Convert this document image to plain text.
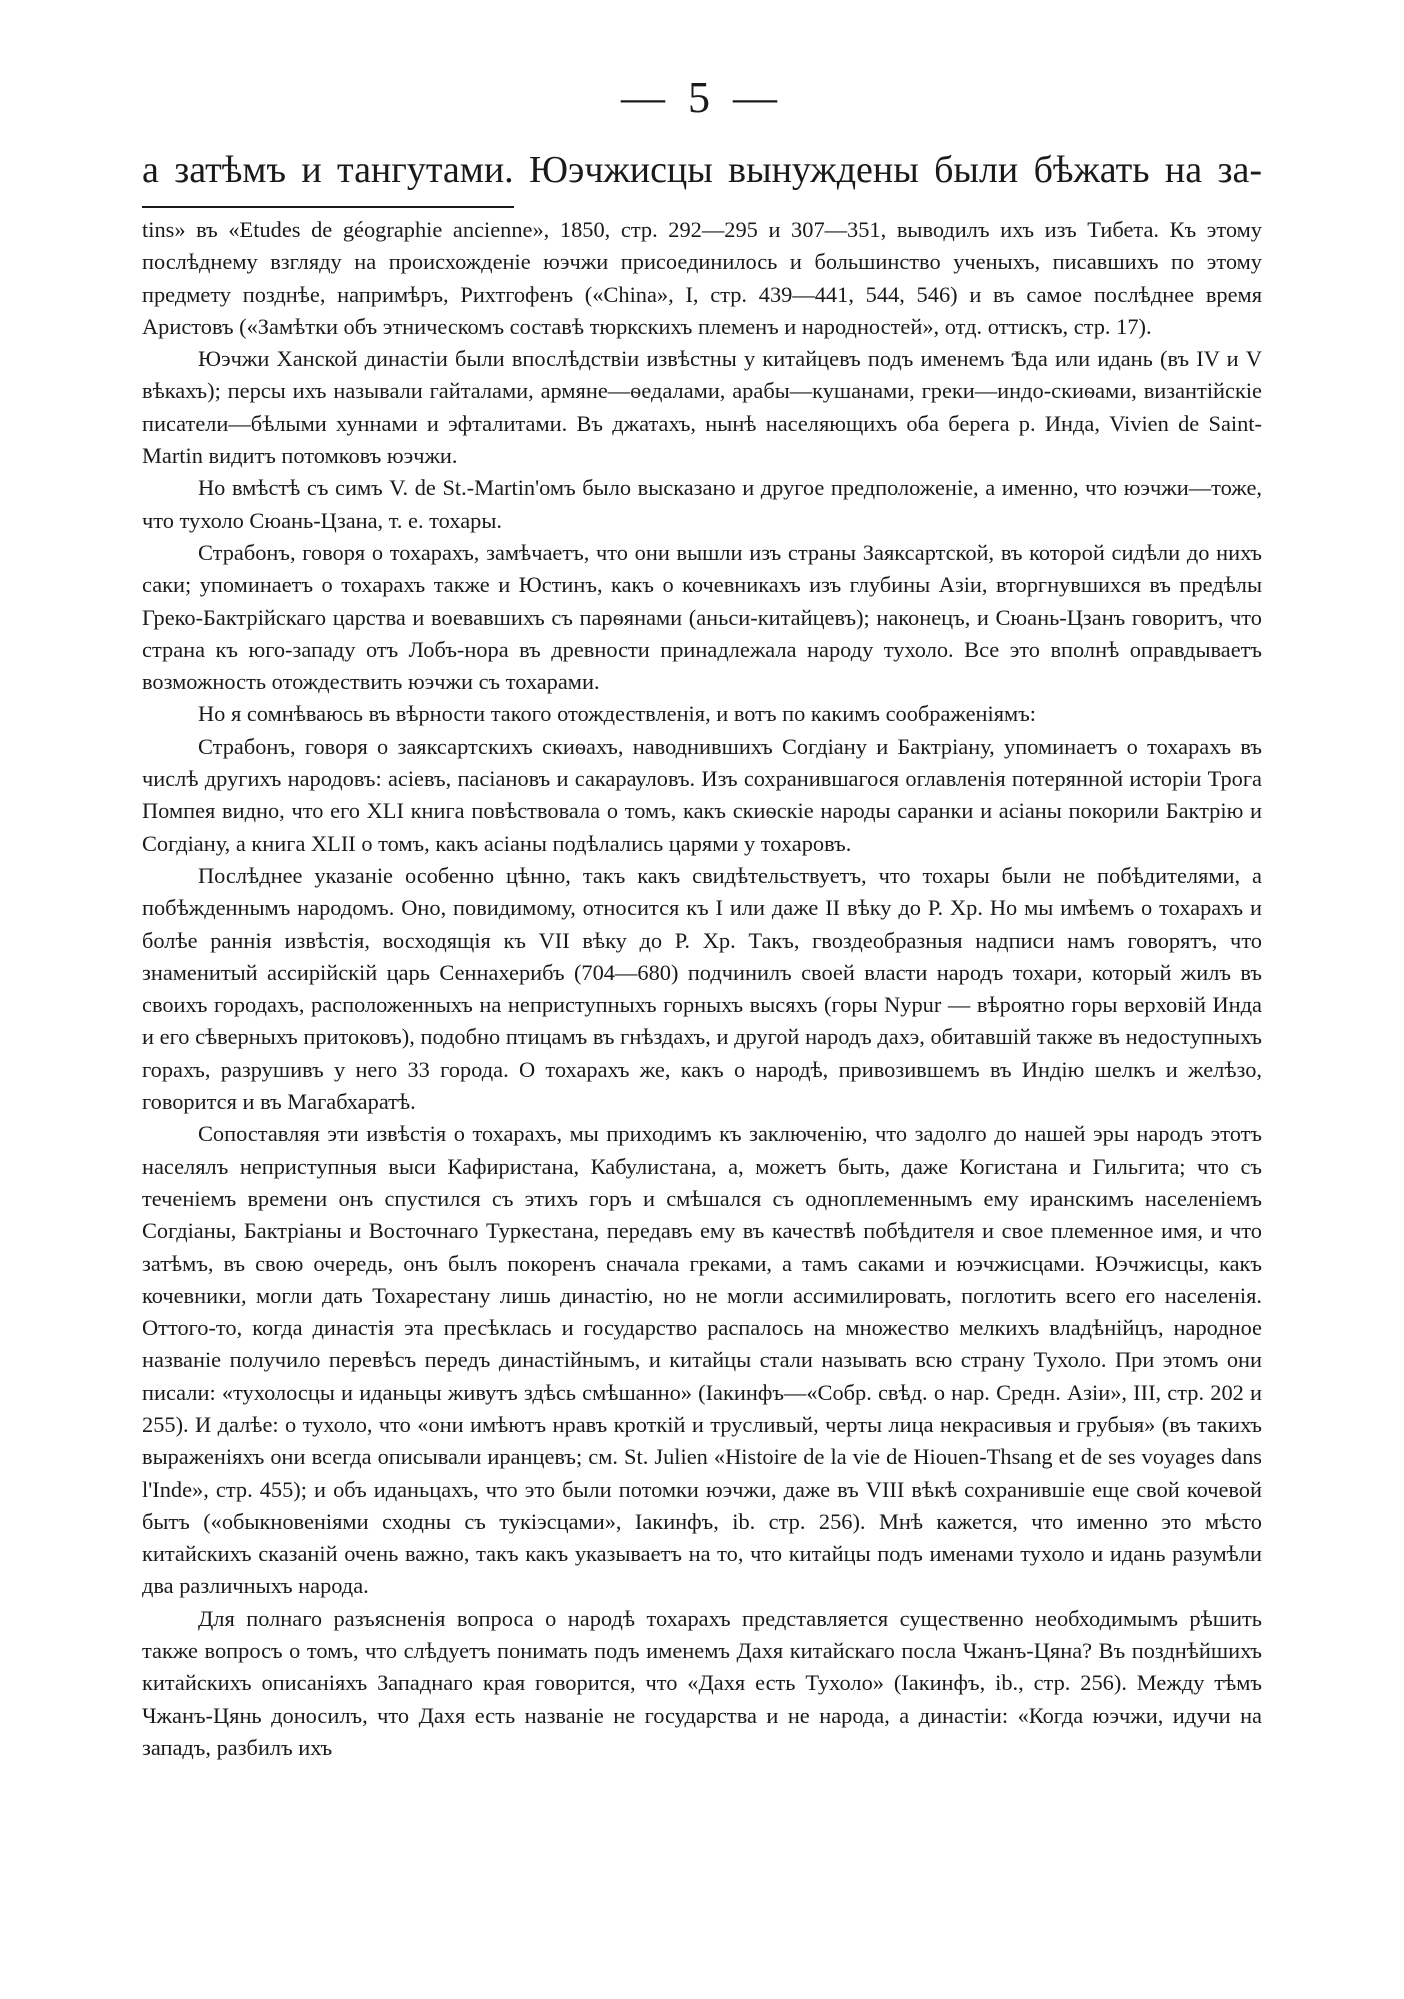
— 5 —
а затѣмъ и тангутами. Юэчжисцы вынуждены были бѣжать на за-

tins» въ «Etudes de géographie ancienne», 1850, стр. 292—295 и 307—351, выводилъ ихъ изъ Тибета. Къ этому послѣднему взгляду на происхожденіе юэчжи присоединилось и большинство ученыхъ, писавшихъ по этому предмету позднѣе, напримѣръ, Рихтгофенъ («China», I, стр. 439—441, 544, 546) и въ самое послѣднее время Аристовъ («Замѣтки объ этническомъ составѣ тюркскихъ племенъ и народностей», отд. оттискъ, стр. 17).

Юэчжи Ханской династіи были впослѣдствіи извѣстны у китайцевъ подъ именемъ Ѣда или идань (въ IV и V вѣкахъ); персы ихъ называли гайталами, армяне—ѳедалами, арабы—кушанами, греки—индо-скиѳами, византійскіе писатели—бѣлыми хуннами и эфталитами. Въ джатахъ, нынѣ населяющихъ оба берега р. Инда, Vivien de Saint-Martin видитъ потомковъ юэчжи.

Но вмѣстѣ съ симъ V. de St.-Martin'омъ было высказано и другое предположеніе, а именно, что юэчжи—тоже, что тухоло Сюань-Цзана, т. е. тохары.

Страбонъ, говоря о тохарахъ, замѣчаетъ, что они вышли изъ страны Заяксартской, въ которой сидѣли до нихъ саки; упоминаетъ о тохарахъ также и Юстинъ, какъ о кочевникахъ изъ глубины Азіи, вторгнувшихся въ предѣлы Греко-Бактрійскаго царства и воевавшихъ съ парѳянами (аньси-китайцевъ); наконецъ, и Сюань-Цзанъ говоритъ, что страна къ юго-западу отъ Лобъ-нора въ древности принадлежала народу тухоло. Все это вполнѣ оправдываетъ возможность отождествить юэчжи съ тохарами.

Но я сомнѣваюсь въ вѣрности такого отождествленія, и вотъ по какимъ соображеніямъ:

Страбонъ, говоря о заяксартскихъ скиѳахъ, наводнившихъ Согдіану и Бактріану, упоминаетъ о тохарахъ въ числѣ другихъ народовъ: асіевъ, пасіановъ и сакарауловъ. Изъ сохранившагося оглавленія потерянной исторіи Трога Помпея видно, что его XLI книга повѣствовала о томъ, какъ скиѳскіе народы саранки и асіаны покорили Бактрію и Согдіану, а книга XLII о томъ, какъ асіаны подѣлались царями у тохаровъ.

Послѣднее указаніе особенно цѣнно, такъ какъ свидѣтельствуетъ, что тохары были не побѣдителями, а побѣжденнымъ народомъ. Оно, повидимому, относится къ I или даже II вѣку до Р. Хр. Но мы имѣемъ о тохарахъ и болѣе раннія извѣстія, восходящія къ VII вѣку до Р. Хр. Такъ, гвоздеобразныя надписи намъ говорятъ, что знаменитый ассирійскій царь Сеннахерибъ (704—680) подчинилъ своей власти народъ тохари, который жилъ въ своихъ городахъ, расположенныхъ на неприступныхъ горныхъ высяхъ (горы Nypur — вѣроятно горы верховій Инда и его сѣверныхъ притоковъ), подобно птицамъ въ гнѣздахъ, и другой народъ дахэ, обитавшій также въ недоступныхъ горахъ, разрушивъ у него 33 города. О тохарахъ же, какъ о народѣ, привозившемъ въ Индію шелкъ и желѣзо, говорится и въ Магабхаратѣ.

Сопоставляя эти извѣстія о тохарахъ, мы приходимъ къ заключенію, что задолго до нашей эры народъ этотъ населялъ неприступныя выси Кафиристана, Кабулистана, а, можетъ быть, даже Когистана и Гильгита; что съ теченіемъ времени онъ спустился съ этихъ горъ и смѣшался съ одноплеменнымъ ему иранскимъ населеніемъ Согдіаны, Бактріаны и Восточнаго Туркестана, передавъ ему въ качествѣ побѣдителя и свое племенное имя, и что затѣмъ, въ свою очередь, онъ былъ покоренъ сначала греками, а тамъ саками и юэчжисцами. Юэчжисцы, какъ кочевники, могли дать Тохарестану лишь династію, но не могли ассимилировать, поглотить всего его населенія. Оттого-то, когда династія эта пресѣклась и государство распалось на множество мелкихъ владѣнійцъ, народное названіе получило перевѣсъ передъ династійнымъ, и китайцы стали называть всю страну Тухоло. При этомъ они писали: «тухолосцы и иданьцы живутъ здѣсь смѣшанно» (Іакинфъ—«Собр. свѣд. о нар. Средн. Азіи», III, стр. 202 и 255). И далѣе: о тухоло, что «они имѣютъ нравъ кроткій и трусливый, черты лица некрасивыя и грубыя» (въ такихъ выраженіяхъ они всегда описывали иранцевъ; см. St. Julien «Histoire de la vie de Hiouen-Thsang et de ses voyages dans l'Inde», стр. 455); и объ иданьцахъ, что это были потомки юэчжи, даже въ VIII вѣкѣ сохранившіе еще свой кочевой бытъ («обыкновеніями сходны съ тукіэсцами», Іакинфъ, ib. стр. 256). Мнѣ кажется, что именно это мѣсто китайскихъ сказаній очень важно, такъ какъ указываетъ на то, что китайцы подъ именами тухоло и идань разумѣли два различныхъ народа.

Для полнаго разъясненія вопроса о народѣ тохарахъ представляется существенно необходимымъ рѣшить также вопросъ о томъ, что слѣдуетъ понимать подъ именемъ Дахя китайскаго посла Чжанъ-Цяна? Въ позднѣйшихъ китайскихъ описаніяхъ Западнаго края говорится, что «Дахя есть Тухоло» (Іакинфъ, ib., стр. 256). Между тѣмъ Чжанъ-Цянь доносилъ, что Дахя есть названіе не государства и не народа, а династіи: «Когда юэчжи, идучи на западъ, разбилъ ихъ
